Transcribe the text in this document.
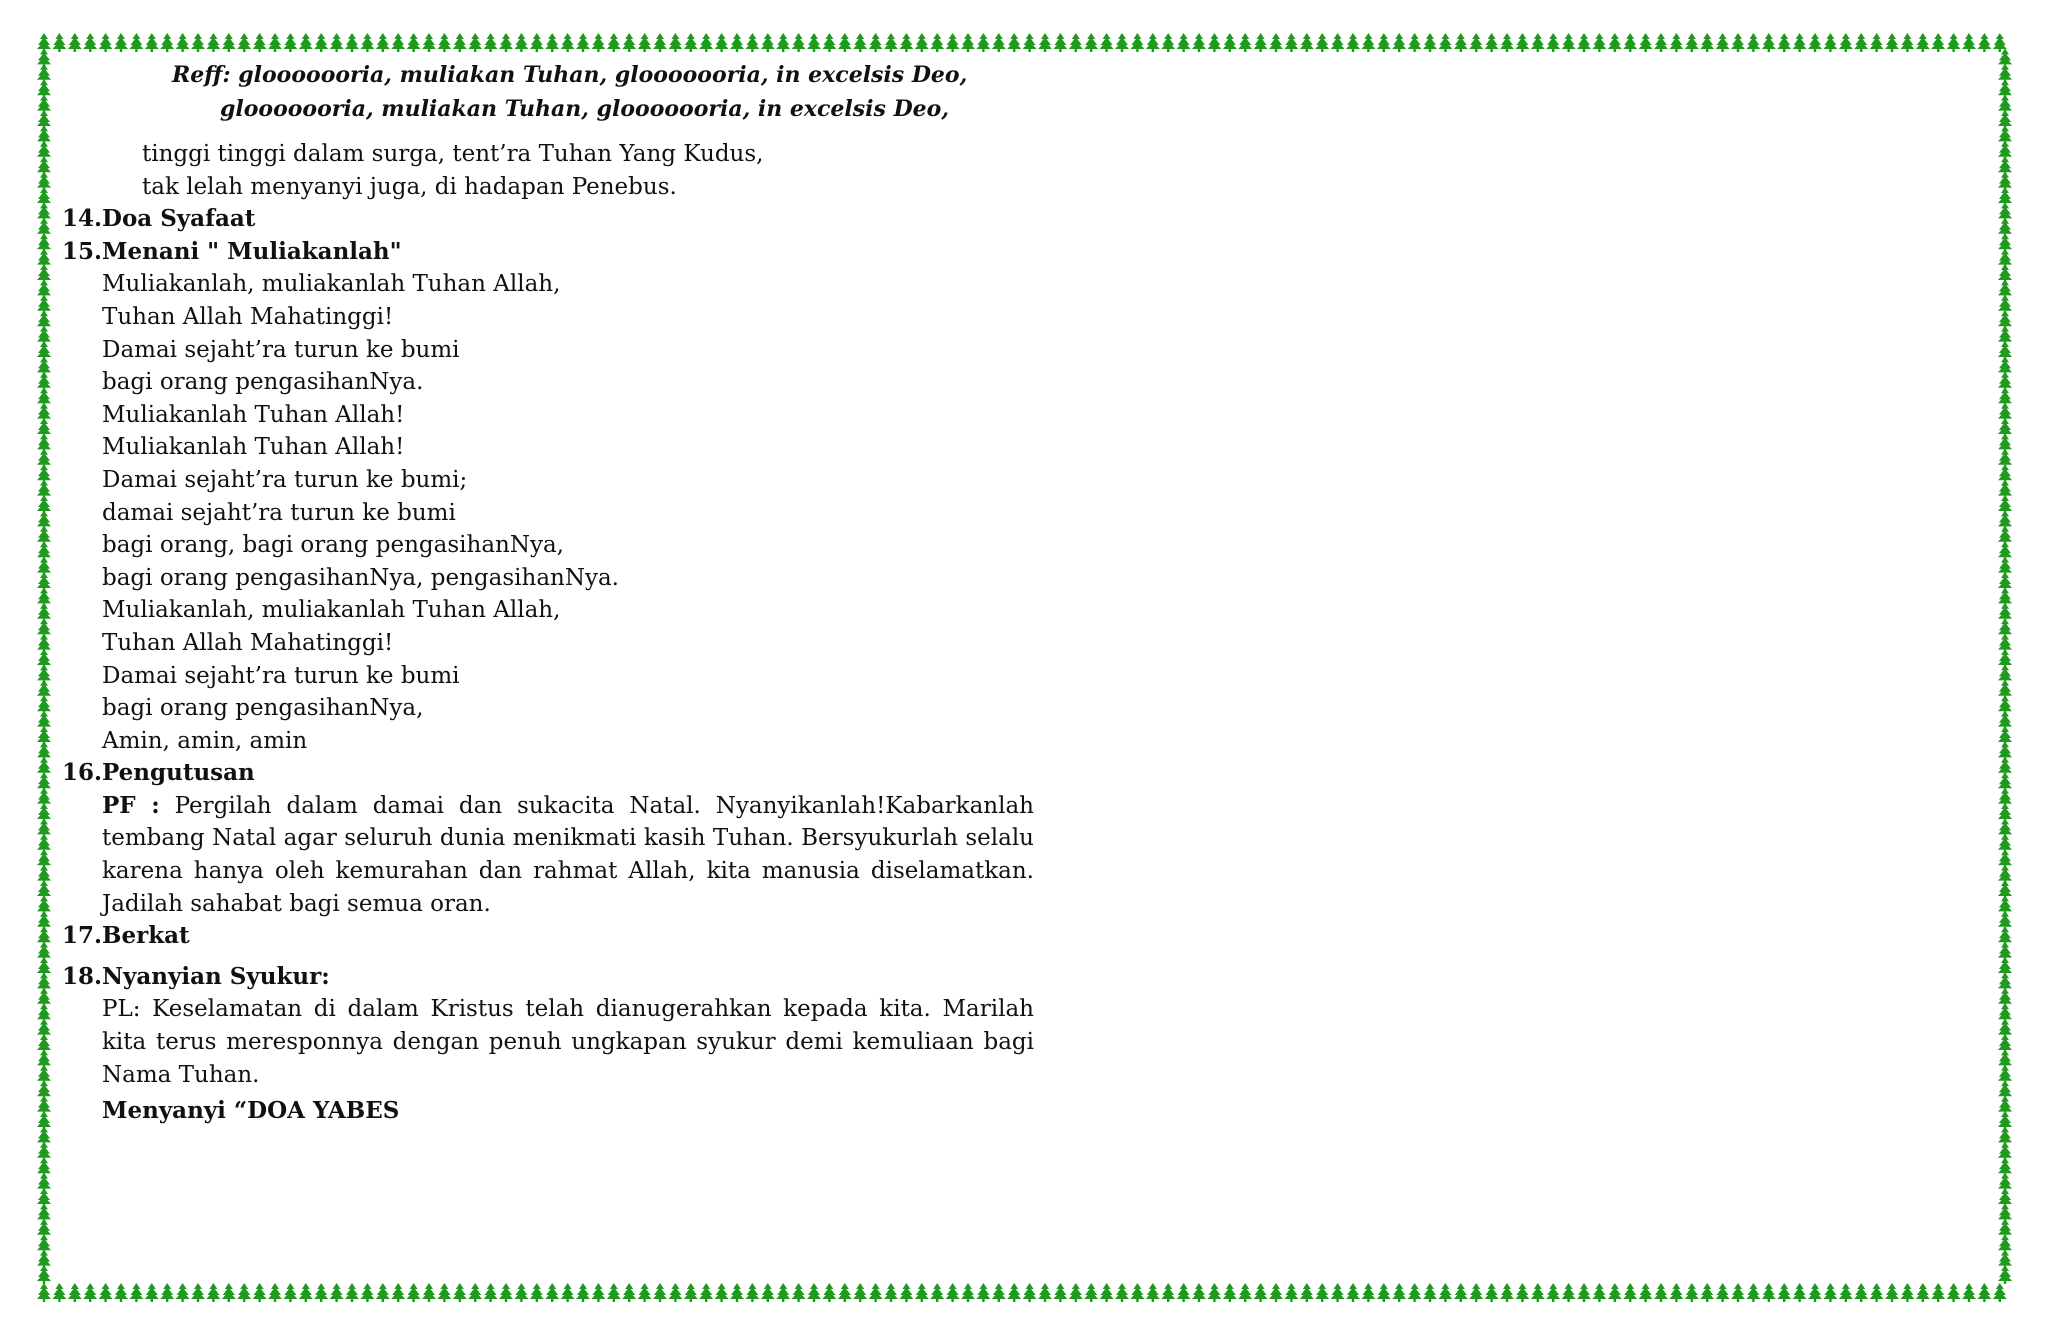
Reff: glooooooria, muliakan Tuhan, glooooooria, in excelsis Deo,
glooooooria, muliakan Tuhan, glooooooria, in excelsis Deo,
tinggi tinggi dalam surga, tent’ra Tuhan Yang Kudus,
tak lelah menyanyi juga, di hadapan Penebus.
14. Doa Syafaat
15. Menani " Muliakanlah"
Muliakanlah, muliakanlah Tuhan Allah,
Tuhan Allah Mahatinggi!
Damai sejaht’ra turun ke bumi
bagi orang pengasihanNya.
Muliakanlah Tuhan Allah!
Muliakanlah Tuhan Allah!
Damai sejaht’ra turun ke bumi;
damai sejaht’ra turun ke bumi
bagi orang, bagi orang pengasihanNya,
bagi orang pengasihanNya, pengasihanNya.
Muliakanlah, muliakanlah Tuhan Allah,
Tuhan Allah Mahatinggi!
Damai sejaht’ra turun ke bumi
bagi orang pengasihanNya,
Amin, amin, amin
16. Pengutusan
PF : Pergilah dalam damai dan sukacita Natal. Nyanyikanlah!Kabarkanlah tembang Natal agar seluruh dunia menikmati kasih Tuhan. Bersyukurlah selalu karena hanya oleh kemurahan dan rahmat Allah, kita manusia diselamatkan. Jadilah sahabat bagi semua oran.
17. Berkat
18. Nyanyian Syukur:
PL: Keselamatan di dalam Kristus telah dianugerahkan kepada kita. Marilah kita terus meresponnya dengan penuh ungkapan syukur demi kemuliaan bagi Nama Tuhan.
Menyanyi “DOA YABES
